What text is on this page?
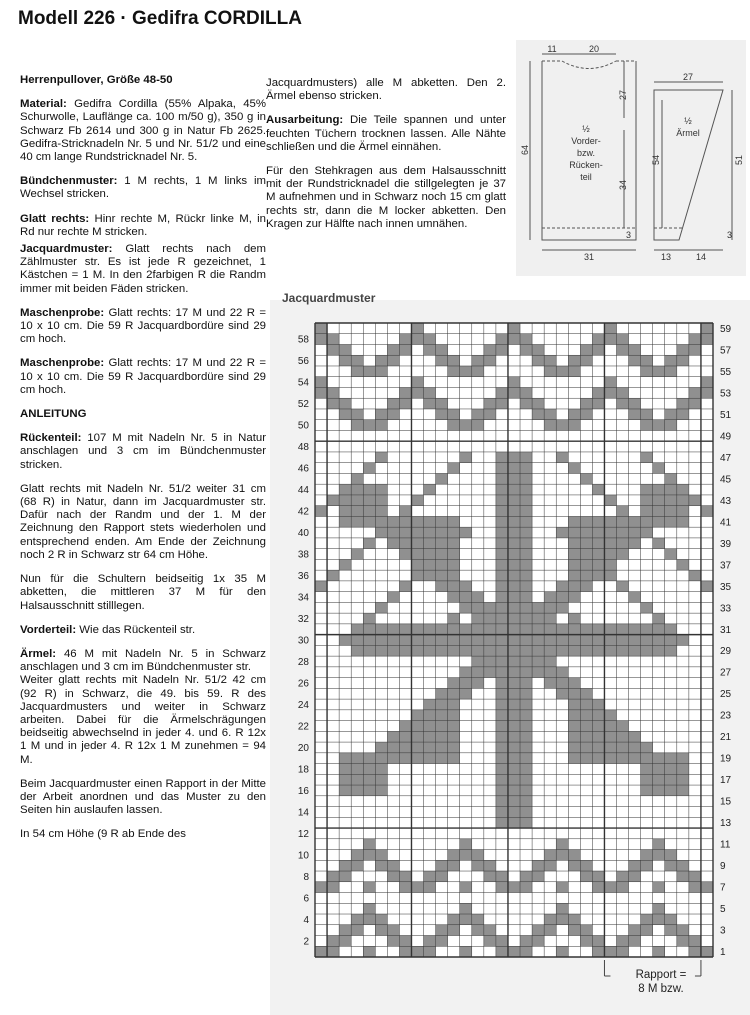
Modell 226 · Gedifra CORDILLA

Herrenpullover, Größe 48-50

Material: Gedifra Cordilla (55% Alpaka, 45% Schurwolle, Lauflänge ca. 100 m/50 g), 350 g in Schwarz Fb 2614 und 300 g in Natur Fb 2625. Gedifra-Stricknadeln Nr. 5 und Nr. 51/2 und eine 40 cm lange Rundstricknadel Nr. 5.

Bündchenmuster: 1 M rechts, 1 M links im Wechsel stricken.

Glatt rechts: Hinr rechte M, Rückr linke M, in Rd nur rechte M stricken.

Jacquardmuster: Glatt rechts nach dem Zählmuster str. Es ist jede R gezeichnet, 1 Kästchen = 1 M. In den 2farbigen R die Randm immer mit beiden Fäden stricken.

Maschenprobe: Glatt rechts: 17 M und 22 R = 10 x 10 cm. Die 59 R Jacquardbordüre sind 29 cm hoch.

Maschenprobe: Glatt rechts: 17 M und 22 R = 10 x 10 cm. Die 59 R Jacquardbordüre sind 29 cm hoch.

ANLEITUNG

Rückenteil: 107 M mit Nadeln Nr. 5 in Natur anschlagen und 3 cm im Bündchenmuster stricken.

Glatt rechts mit Nadeln Nr. 51/2 weiter 31 cm (68 R) in Natur, dann im Jacquardmuster str. Dafür nach der Randm und der 1. M der Zeichnung den Rapport stets wiederholen und entsprechend enden. Am Ende der Zeichnung noch 2 R in Schwarz str 64 cm Höhe.

Nun für die Schultern beidseitig 1x 35 M abketten, die mittleren 37 M für den Halsausschnitt stilllegen.

Vorderteil: Wie das Rückenteil str.

Ärmel: 46 M mit Nadeln Nr. 5 in Schwarz anschlagen und 3 cm im Bündchenmuster str.

Weiter glatt rechts mit Nadeln Nr. 51/2 42 cm (92 R) in Schwarz, die 49. bis 59. R des Jacquardmusters und weiter in Schwarz arbeiten. Dabei für die Ärmelschrägungen beidseitig abwechselnd in jeder 4. und 6. R 12x 1 M und in jeder 4. R 12x 1 M zunehmen = 94 M.

Beim Jacquardmuster einen Rapport in der Mitte der Arbeit anordnen und das Muster zu den Seiten hin auslaufen lassen.

In 54 cm Höhe (9 R ab Ende des

Jacquardmusters) alle M abketten. Den 2. Ärmel ebenso stricken.

Ausarbeitung: Die Teile spannen und unter feuchten Tüchern trocknen lassen. Alle Nähte schließen und die Ärmel einnähen.

Für den Stehkragen aus dem Halsausschnitt mit der Rundstricknadel die stillgelegten je 37 M aufnehmen und in Schwarz noch 15 cm glatt rechts str, dann die M locker abketten. Den Kragen zur Hälfte nach innen umnähen.

½
Vorder-
bzw.
Rücken-
teil
½
Ärmel
11	20
27
64
34
3
31
27
51
54
3
13	14
Jacquardmuster
2
4
6
8
10
12
14
16
18
20
22
24
26
28
30
32
34
36
38
40
42
44
46
48
50
52
54
56
58
1
3
5
7
9
11
13
15
17
19
21
23
25
27
29
31
33
35
37
39
41
43
45
47
49
51
53
55
57
59
Rapport =
8 M bzw.
